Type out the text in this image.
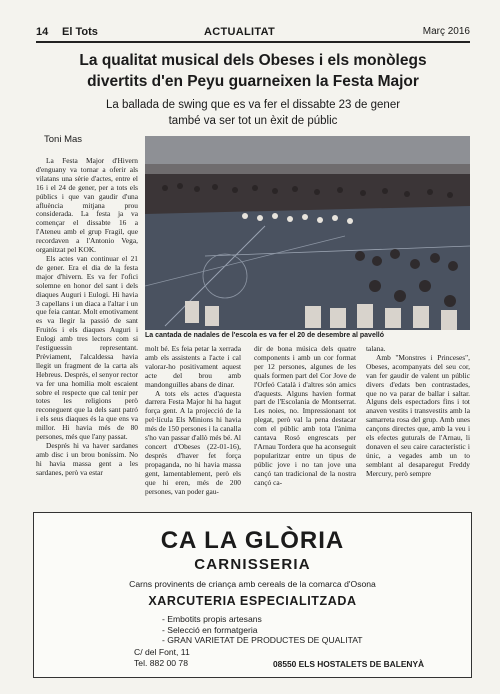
14 El Tots	ACTUALITAT	Març 2016
La qualitat musical dels Obeses i els monòlegs
divertits d'en Peyu guarneixen la Festa Major
La ballada de swing que es va fer el dissabte 23 de gener
també va ser tot un èxit de públic
Toni Mas

La Festa Major d'Hivern d'enguany va tornar a oferir als vilatans una sèrie d'actes, entre el 16 i el 24 de gener, per a tots els públics i que van gaudir d'una afluència mitjana prou considerada. La festa ja va començar el dissabte 16 a l'Ateneu amb el grup Fragil, que recordaven a l'Antonio Vega, organitzat pel KOK.

Els actes van continuar el 21 de gener. Era el dia de la festa major d'hivern. Es va fer l'ofici solemne en honor del sant i dels diaques Auguri i Eulogi. Hi havia 3 capellans i un diaca a l'altar i un que feia cantar. Molt emotivament es va llegir la passió de sant Fruitós i els diaques Auguri i Eulogi amb tres lectors com si l'estiguessin representant. Prèviament, l'alcaldessa havia llegit un fragment de la carta als Hebreus. Després, el senyor rector va fer una homilia molt escaient sobre el respecte que cal tenir per totes les religions però reconeguent que la dels sant patró i els seus diaques és la que ens va millor. Hi havia més de 80 persones, més que l'any passat.

Després hi va haver sardanes amb disc i un brou boníssim. No hi havia massa gent a les sardanes, però va estar

La cantada de nadales de l'escola es va fer el 20 de desembre al pavelló

molt bé. Es feia petar la xerrada amb els assistents a l'acte i cal valorar-ho positivament aquest acte del brou amb mandonguilles abans de dinar.

A tots els actes d'aquesta darrera Festa Major hi ha hagut força gent. A la projecció de la pel·lícula Els Minions hi havia més de 150 persones i la canalla s'ho van passar d'allò més bé. Al concert d'Obeses (22-01-16), després d'haver fet força propaganda, no hi havia massa gent, lamentablement, però els que hi eren, més de 200 persones, van poder gau-

dir de bona música dels quatre components i amb un cor format per 12 persones, algunes de les quals formen part del Cor Jove de l'Orfeó Català i d'altres són amics d'aquests. Alguns havien format part de l'Escolania de Montserrat. Les noies, no. Impressionant tot plegat, però val la pena destacar com el públic amb tota l'ànima cantava Rosó engrescats per l'Arnau Tordera que ha aconseguit popularitzar entre un tipus de públic jove i no tan jove una cançó tan tradicional de la nostra cançó ca-

talana.

Amb "Monstres i Princeses", Obeses, acompanyats del seu cor, van fer gaudir de valent un públic divers d'edats ben contrastades, que no va parar de ballar i saltar. Alguns dels espectadors fins i tot anaven vestits i transvestits amb la samarreta rosa del grup. Amb unes cançons directes que, amb la veu i els efectes guturals de l'Arnau, li donaven el seu caire característic i únic, a vegades amb un to semblant al desaparegut Freddy Mercury, però sempre

CA LA GLÒRIA
CARNISSERIA
Carns provinents de criança amb cereals de la comarca d'Osona
XARCUTERIA ESPECIALITZADA
- Embotits propis artesans
- Selecció en formatgeria
- GRAN VARIETAT DE PRODUCTES DE QUALITAT
C/ del Font, 11
Tel. 882 00 78	08550 ELS HOSTALETS DE BALENYÀ
